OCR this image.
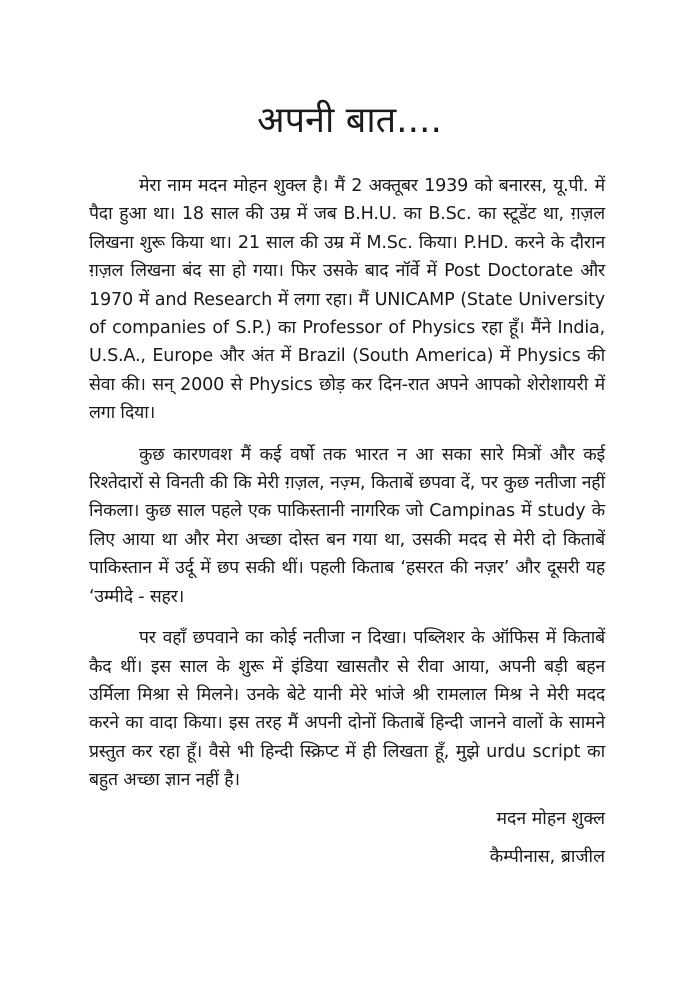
अपनी बात....

मेरा नाम मदन मोहन शुक्ल है। मैं 2 अक्तूबर 1939 को बनारस, यू.पी. में पैदा हुआ था। 18 साल की उम्र में जब B.H.U. का B.Sc. का स्टूडेंट था, ग़ज़ल लिखना शुरू किया था। 21 साल की उम्र में M.Sc. किया। P.HD. करने के दौरान ग़ज़ल लिखना बंद सा हो गया। फिर उसके बाद नॉर्वे में Post Doctorate और 1970 में and Research में लगा रहा। मैं UNICAMP (State University of companies of S.P.) का Professor of Physics रहा हूँ। मैंने India, U.S.A., Europe और अंत में Brazil (South America) में Physics की सेवा की। सन् 2000 से Physics छोड़ कर दिन-रात अपने आपको शेरोशायरी में लगा दिया।

कुछ कारणवश मैं कई वर्षो तक भारत न आ सका सारे मित्रों और कई रिश्तेदारों से विनती की कि मेरी ग़ज़ल, नज़्म, किताबें छपवा दें, पर कुछ नतीजा नहीं निकला। कुछ साल पहले एक पाकिस्तानी नागरिक जो Campinas में study के लिए आया था और मेरा अच्छा दोस्त बन गया था, उसकी मदद से मेरी दो किताबें पाकिस्तान में उर्दू में छप सकी थीं। पहली किताब ‘हसरत की नज़र’ और दूसरी यह ‘उम्मीदे - सहर।

पर वहाँ छपवाने का कोई नतीजा न दिखा। पब्लिशर के ऑफिस में किताबें कैद थीं। इस साल के शुरू में इंडिया खासतौर से रीवा आया, अपनी बड़ी बहन उर्मिला मिश्रा से मिलने। उनके बेटे यानी मेरे भांजे श्री रामलाल मिश्र ने मेरी मदद करने का वादा किया। इस तरह मैं अपनी दोनों किताबें हिन्दी जानने वालों के सामने प्रस्तुत कर रहा हूँ। वैसे भी हिन्दी स्क्रिप्ट में ही लिखता हूँ, मुझे urdu script का बहुत अच्छा ज्ञान नहीं है।

मदन मोहन शुक्ल
कैम्पीनास, ब्राजील
